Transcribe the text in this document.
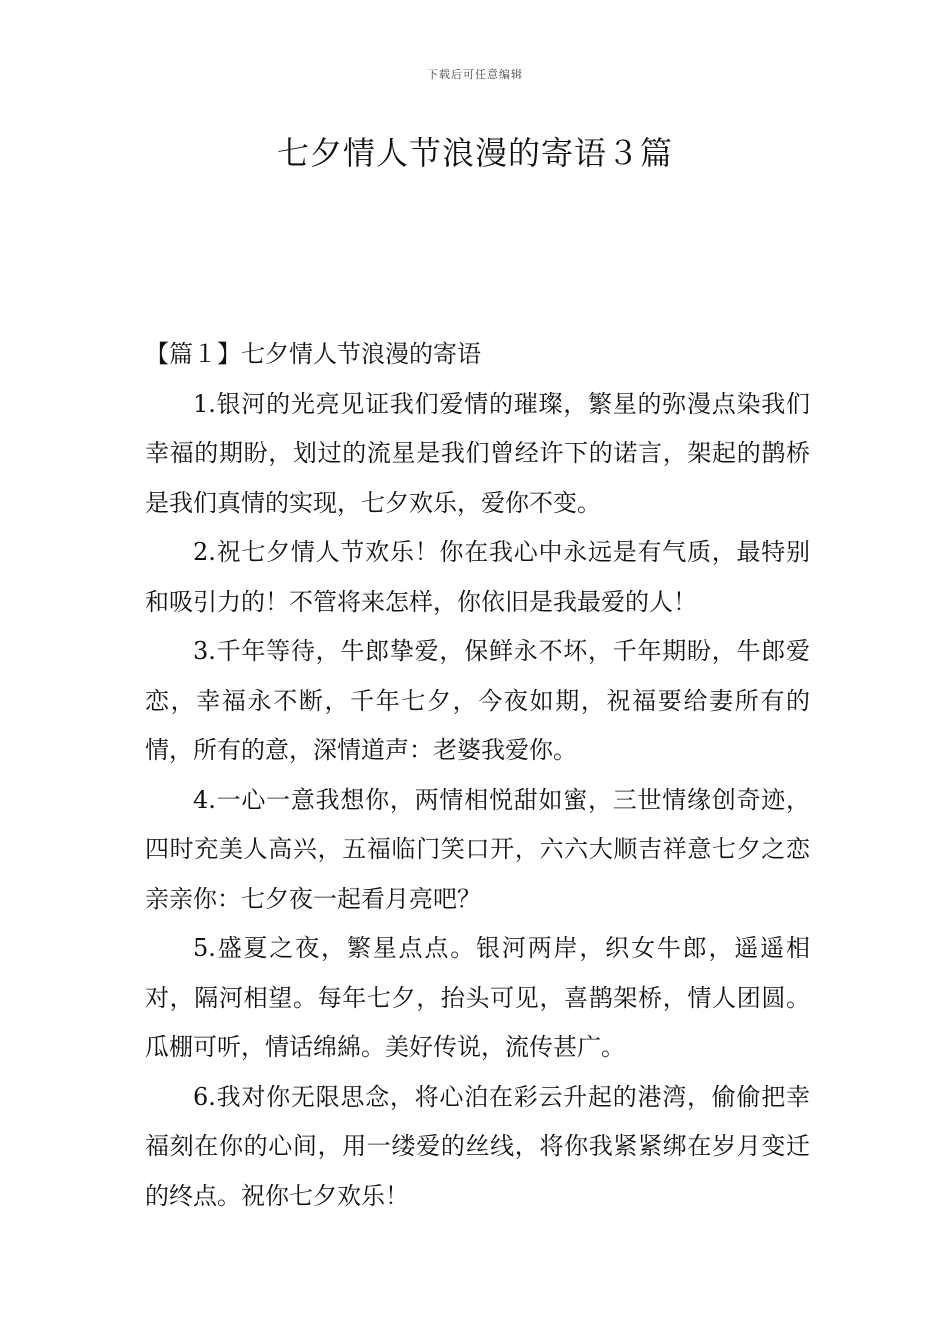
下载后可任意编辑
七夕情人节浪漫的寄语３篇

【篇１】七夕情人节浪漫的寄语

1.银河的光亮见证我们爱情的璀璨，繁星的弥漫点染我们幸福的期盼，划过的流星是我们曾经许下的诺言，架起的鹊桥是我们真情的实现，七夕欢乐，爱你不变。

2.祝七夕情人节欢乐！你在我心中永远是有气质，最特别和吸引力的！不管将来怎样，你依旧是我最爱的人！

3.千年等待，牛郎挚爱，保鲜永不坏，千年期盼，牛郎爱恋，幸福永不断，千年七夕，今夜如期，祝福要给妻所有的情，所有的意，深情道声：老婆我爱你。

4.一心一意我想你，两情相悦甜如蜜，三世情缘创奇迹，四时充美人高兴，五福临门笑口开，六六大顺吉祥意七夕之恋亲亲你：七夕夜一起看月亮吧？

5.盛夏之夜，繁星点点。银河两岸，织女牛郎，遥遥相对，隔河相望。每年七夕，抬头可见，喜鹊架桥，情人团圆。瓜棚可听，情话绵綿。美好传说，流传甚广。

6.我对你无限思念，将心泊在彩云升起的港湾，偷偷把幸福刻在你的心间，用一缕爱的丝线，将你我紧紧绑在岁月变迁的终点。祝你七夕欢乐！
